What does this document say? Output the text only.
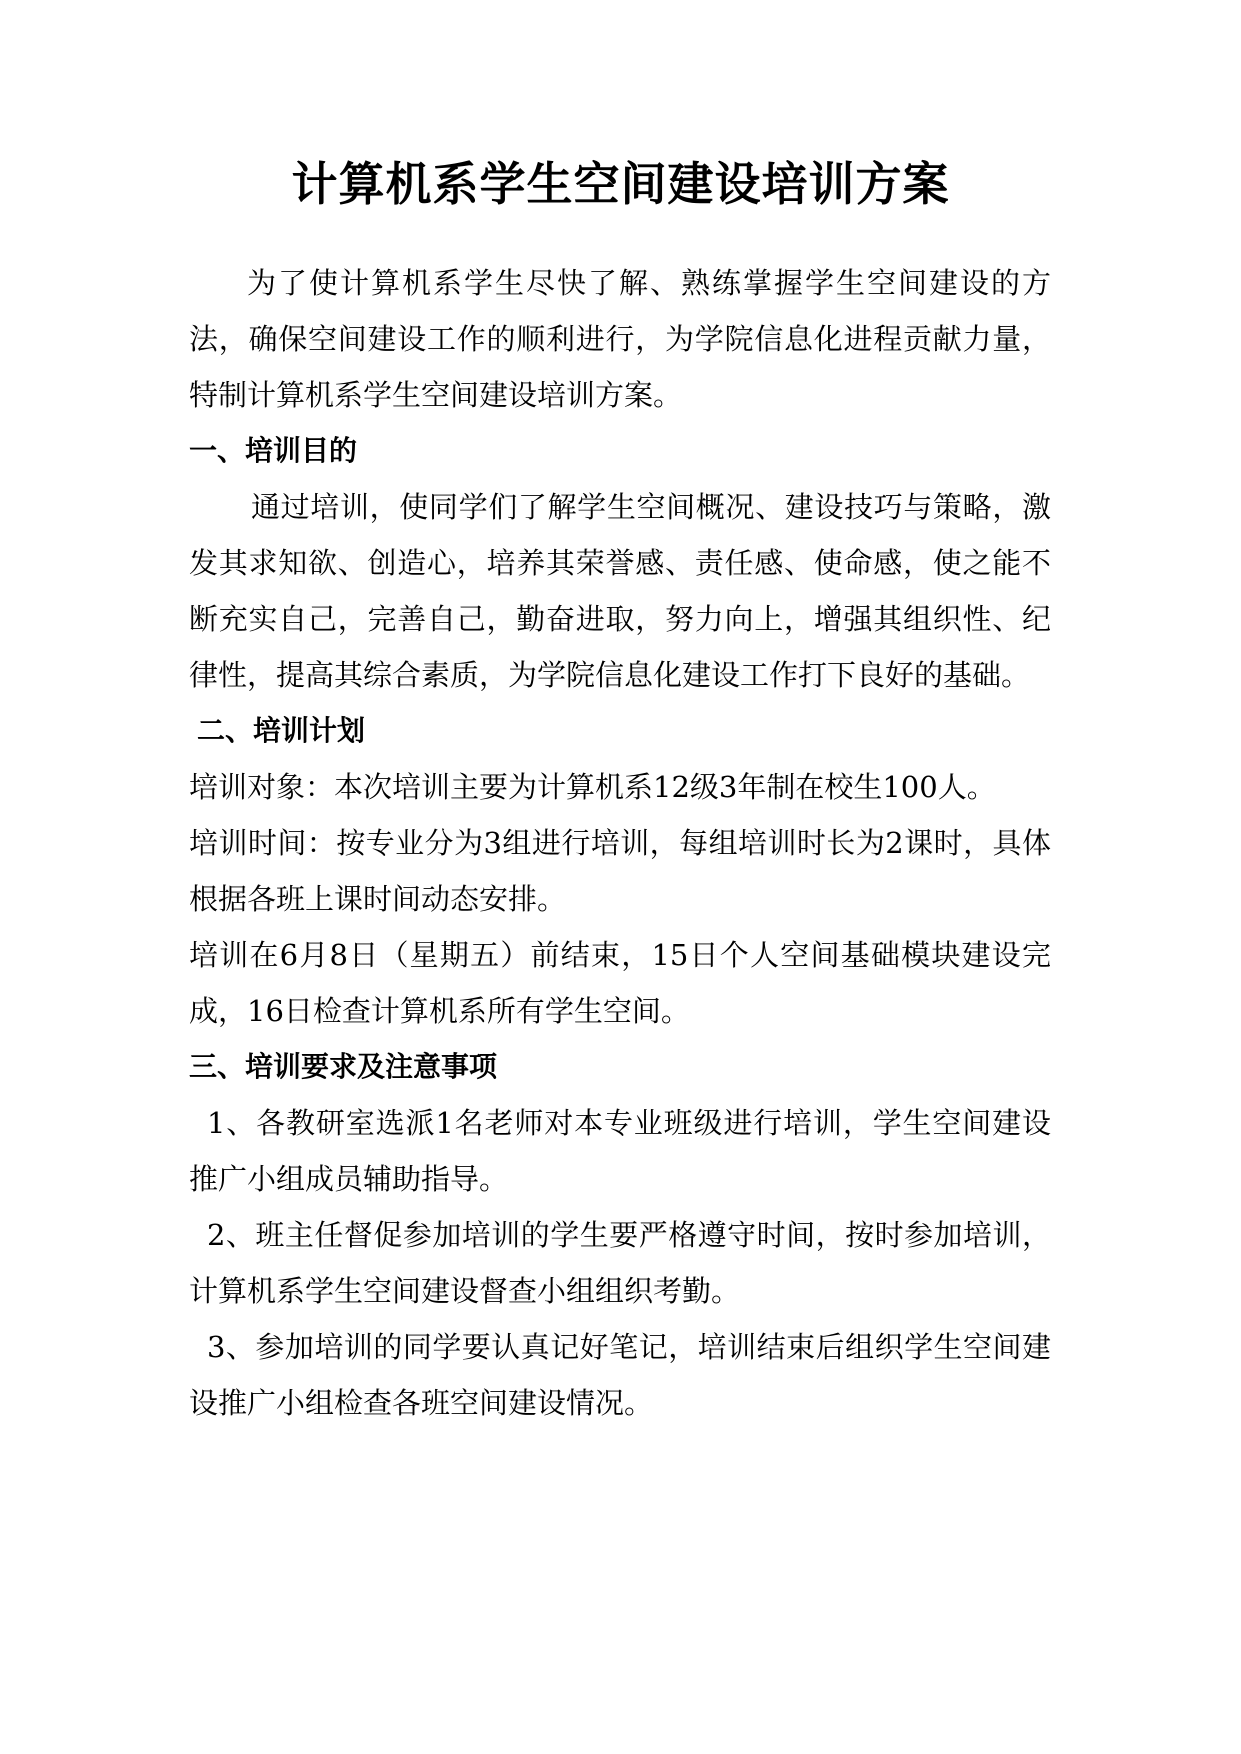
计算机系学生空间建设培训方案

为了使计算机系学生尽快了解、熟练掌握学生空间建设的方法，确保空间建设工作的顺利进行，为学院信息化进程贡献力量，特制计算机系学生空间建设培训方案。

一、培训目的

通过培训，使同学们了解学生空间概况、建设技巧与策略，激发其求知欲、创造心，培养其荣誉感、责任感、使命感，使之能不断充实自己，完善自己，勤奋进取，努力向上，增强其组织性、纪律性，提高其综合素质，为学院信息化建设工作打下良好的基础。

二、培训计划

培训对象：本次培训主要为计算机系12级3年制在校生100人。

培训时间：按专业分为3组进行培训，每组培训时长为2课时，具体根据各班上课时间动态安排。

培训在6月8日（星期五）前结束，15日个人空间基础模块建设完成，16日检查计算机系所有学生空间。

三、培训要求及注意事项

1、各教研室选派1名老师对本专业班级进行培训，学生空间建设推广小组成员辅助指导。

2、班主任督促参加培训的学生要严格遵守时间，按时参加培训，计算机系学生空间建设督查小组组织考勤。

3、参加培训的同学要认真记好笔记，培训结束后组织学生空间建设推广小组检查各班空间建设情况。
